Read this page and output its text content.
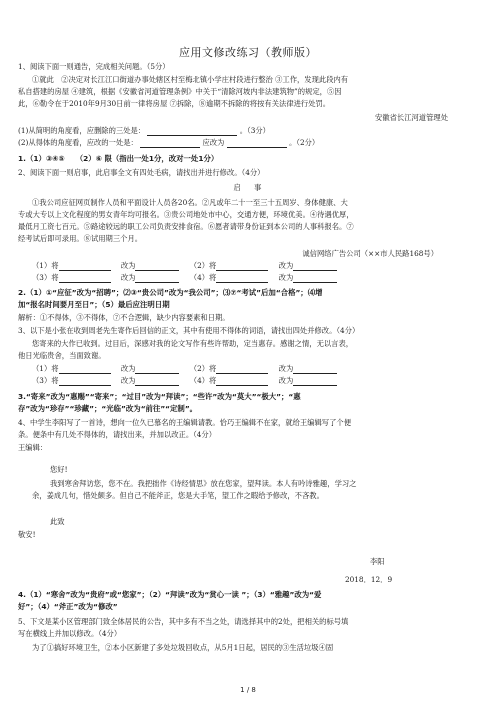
应用文修改练习（教师版）
1、阅读下面一则通告，完成相关问题。（5分）
①就此　②决定对长江江口街道办事处辖区村至梅北镇小学庄村段进行整治 ③工作，发现此段内有
私自搭建的房屋 ④建筑，根据《安徽省河道管理条例》中关于“清除河坡内非法建筑物”的规定，⑤因
此，⑥勒令在于2010年9月30日前一律将房屋 ⑦拆除，⑧逾期不拆除的将按有关法律进行处罚。
安徽省长江河道管理处
(1)从简明的角度看，应删除的三处是：	。（3分）
(2)从得体的角度看，应改的一处是：	应改为	。（2分）
1.（1）③④⑤　　（2）⑥ 限（指出一处1分，改对一处1分）
2、阅读下面一则启事，此启事全文有四处毛病，请找出并进行修改。（4分）
启　事
①我公司应征网页制作人员和平面设计人员各20名。②凡或年二十一至三十五周岁、身体健康、大
专或大专以上文化程度的男女青年均可报名。③贵公司地处市中心，交通方便，环境优美。④待遇优厚，
最低月工资七百元。⑤路途较远的职工公司负责安排食宿。⑥愿者请带身份证到本公司的人事科报名。⑦
经考试后即可录用。⑧试用期三个月。
诚信网络广告公司（××市人民路168号）
（1）将	改为	（2）将	改为
（3）将	改为	（4）将	改为
2.（1）①“应征”改为“招聘”；⑵③“贵公司”改为“我公司”；⑶⑦“考试”后加“合格”；⑷增
加“报名时间要月至日”；（5）最后应注明日期
解析：①不得体，③不得体，⑦不合逻辑，缺少内容要素和日期。
3、以下是小张在收到周老先生寄作后回信的正文，其中有使用不得体的词语，请找出四处并修改。（4分）
您寄来的大作已收到。过目后，深感对我的论文写作有些许帮助，定当惠存。感谢之情，无以言表，
他日光临贵舍，当面致谢。
（1）将	改为	（2）将	改为
（3）将	改为	（4）将	改为
3.“寄来”改为“惠赐”“寄来”；“过目”改为“拜读”；“些许”改为“莫大”“极大”；“惠
存”改为“珍存”“珍藏”；“光临”改为“前往”“定制”。
4、中学生李阳写了一首诗，想向一位久已慕名的王编辑请教。恰巧王编辑不在家，就给王编辑写了个便
条。便条中有几处不得体的，请找出来，并加以改正。（4分）
王编辑：
您好!
我到寒舍拜访您，您不在。我把拙作《诗经情思》放在您家，望拜读。本人有吟诗雅趣，学习之
余，姜成几句，惜处颇多。但自己不能斧正，您是大手笔，望工作之暇给予修改，不吝教。
此致
敬安!
李阳
2018．12．9
4.（1）“寒舍”改为“贵府”或“您家”；（2）“拜读”改为“赏心一读 ”；（3）“雅趣”改为“爱
好”；（4）“斧正”改为“修改”
5、下文是某小区管理部门致全体居民的公告，其中多有不当之处，请选择其中的2处，把相关的标号填
写在横线上并加以修改。（4分）
为了①搞好环境卫生，②本小区新建了多处垃圾回收点，从5月1日起，居民的③生活垃圾④固
1 / 8
